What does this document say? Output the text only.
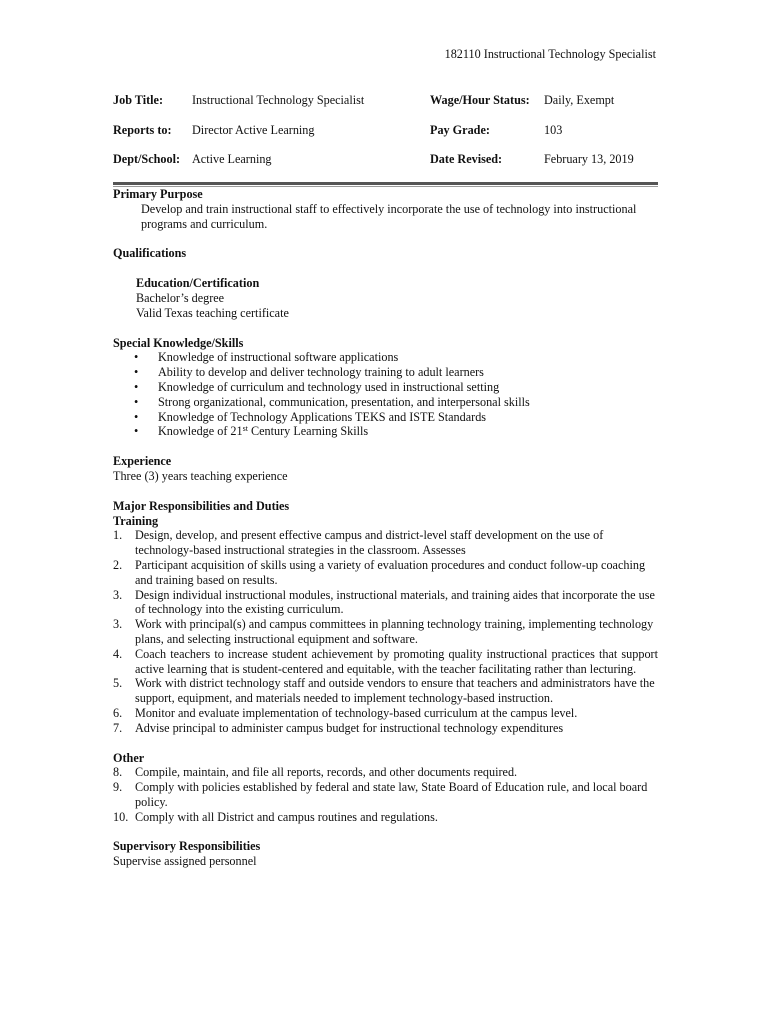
182110 Instructional Technology Specialist
Job Title: Instructional Technology Specialist	Wage/Hour Status: Daily, Exempt
Reports to: Director Active Learning	Pay Grade:	103
Dept/School: Active Learning	Date Revised:	February 13, 2019
Primary Purpose
Develop and train instructional staff to effectively incorporate the use of technology into instructional programs and curriculum.
Qualifications
Education/Certification
Bachelor’s degree
Valid Texas teaching certificate
Special Knowledge/Skills
• Knowledge of instructional software applications
• Ability to develop and deliver technology training to adult learners
• Knowledge of curriculum and technology used in instructional setting
• Strong organizational, communication, presentation, and interpersonal skills
• Knowledge of Technology Applications TEKS and ISTE Standards
• Knowledge of 21st Century Learning Skills
Experience
Three (3) years teaching experience
Major Responsibilities and Duties
Training
1. Design, develop, and present effective campus and district-level staff development on the use of technology-based instructional strategies in the classroom. Assesses
2. Participant acquisition of skills using a variety of evaluation procedures and conduct follow-up coaching and training based on results.
3. Design individual instructional modules, instructional materials, and training aides that incorporate the use of technology into the existing curriculum.
3. Work with principal(s) and campus committees in planning technology training, implementing technology plans, and selecting instructional equipment and software.
4. Coach teachers to increase student achievement by promoting quality instructional practices that support active learning that is student-centered and equitable, with the teacher facilitating rather than lecturing.
5. Work with district technology staff and outside vendors to ensure that teachers and administrators have the support, equipment, and materials needed to implement technology-based instruction.
6. Monitor and evaluate implementation of technology-based curriculum at the campus level.
7. Advise principal to administer campus budget for instructional technology expenditures
Other
8. Compile, maintain, and file all reports, records, and other documents required.
9. Comply with policies established by federal and state law, State Board of Education rule, and local board policy.
10. Comply with all District and campus routines and regulations.
Supervisory Responsibilities
Supervise assigned personnel
